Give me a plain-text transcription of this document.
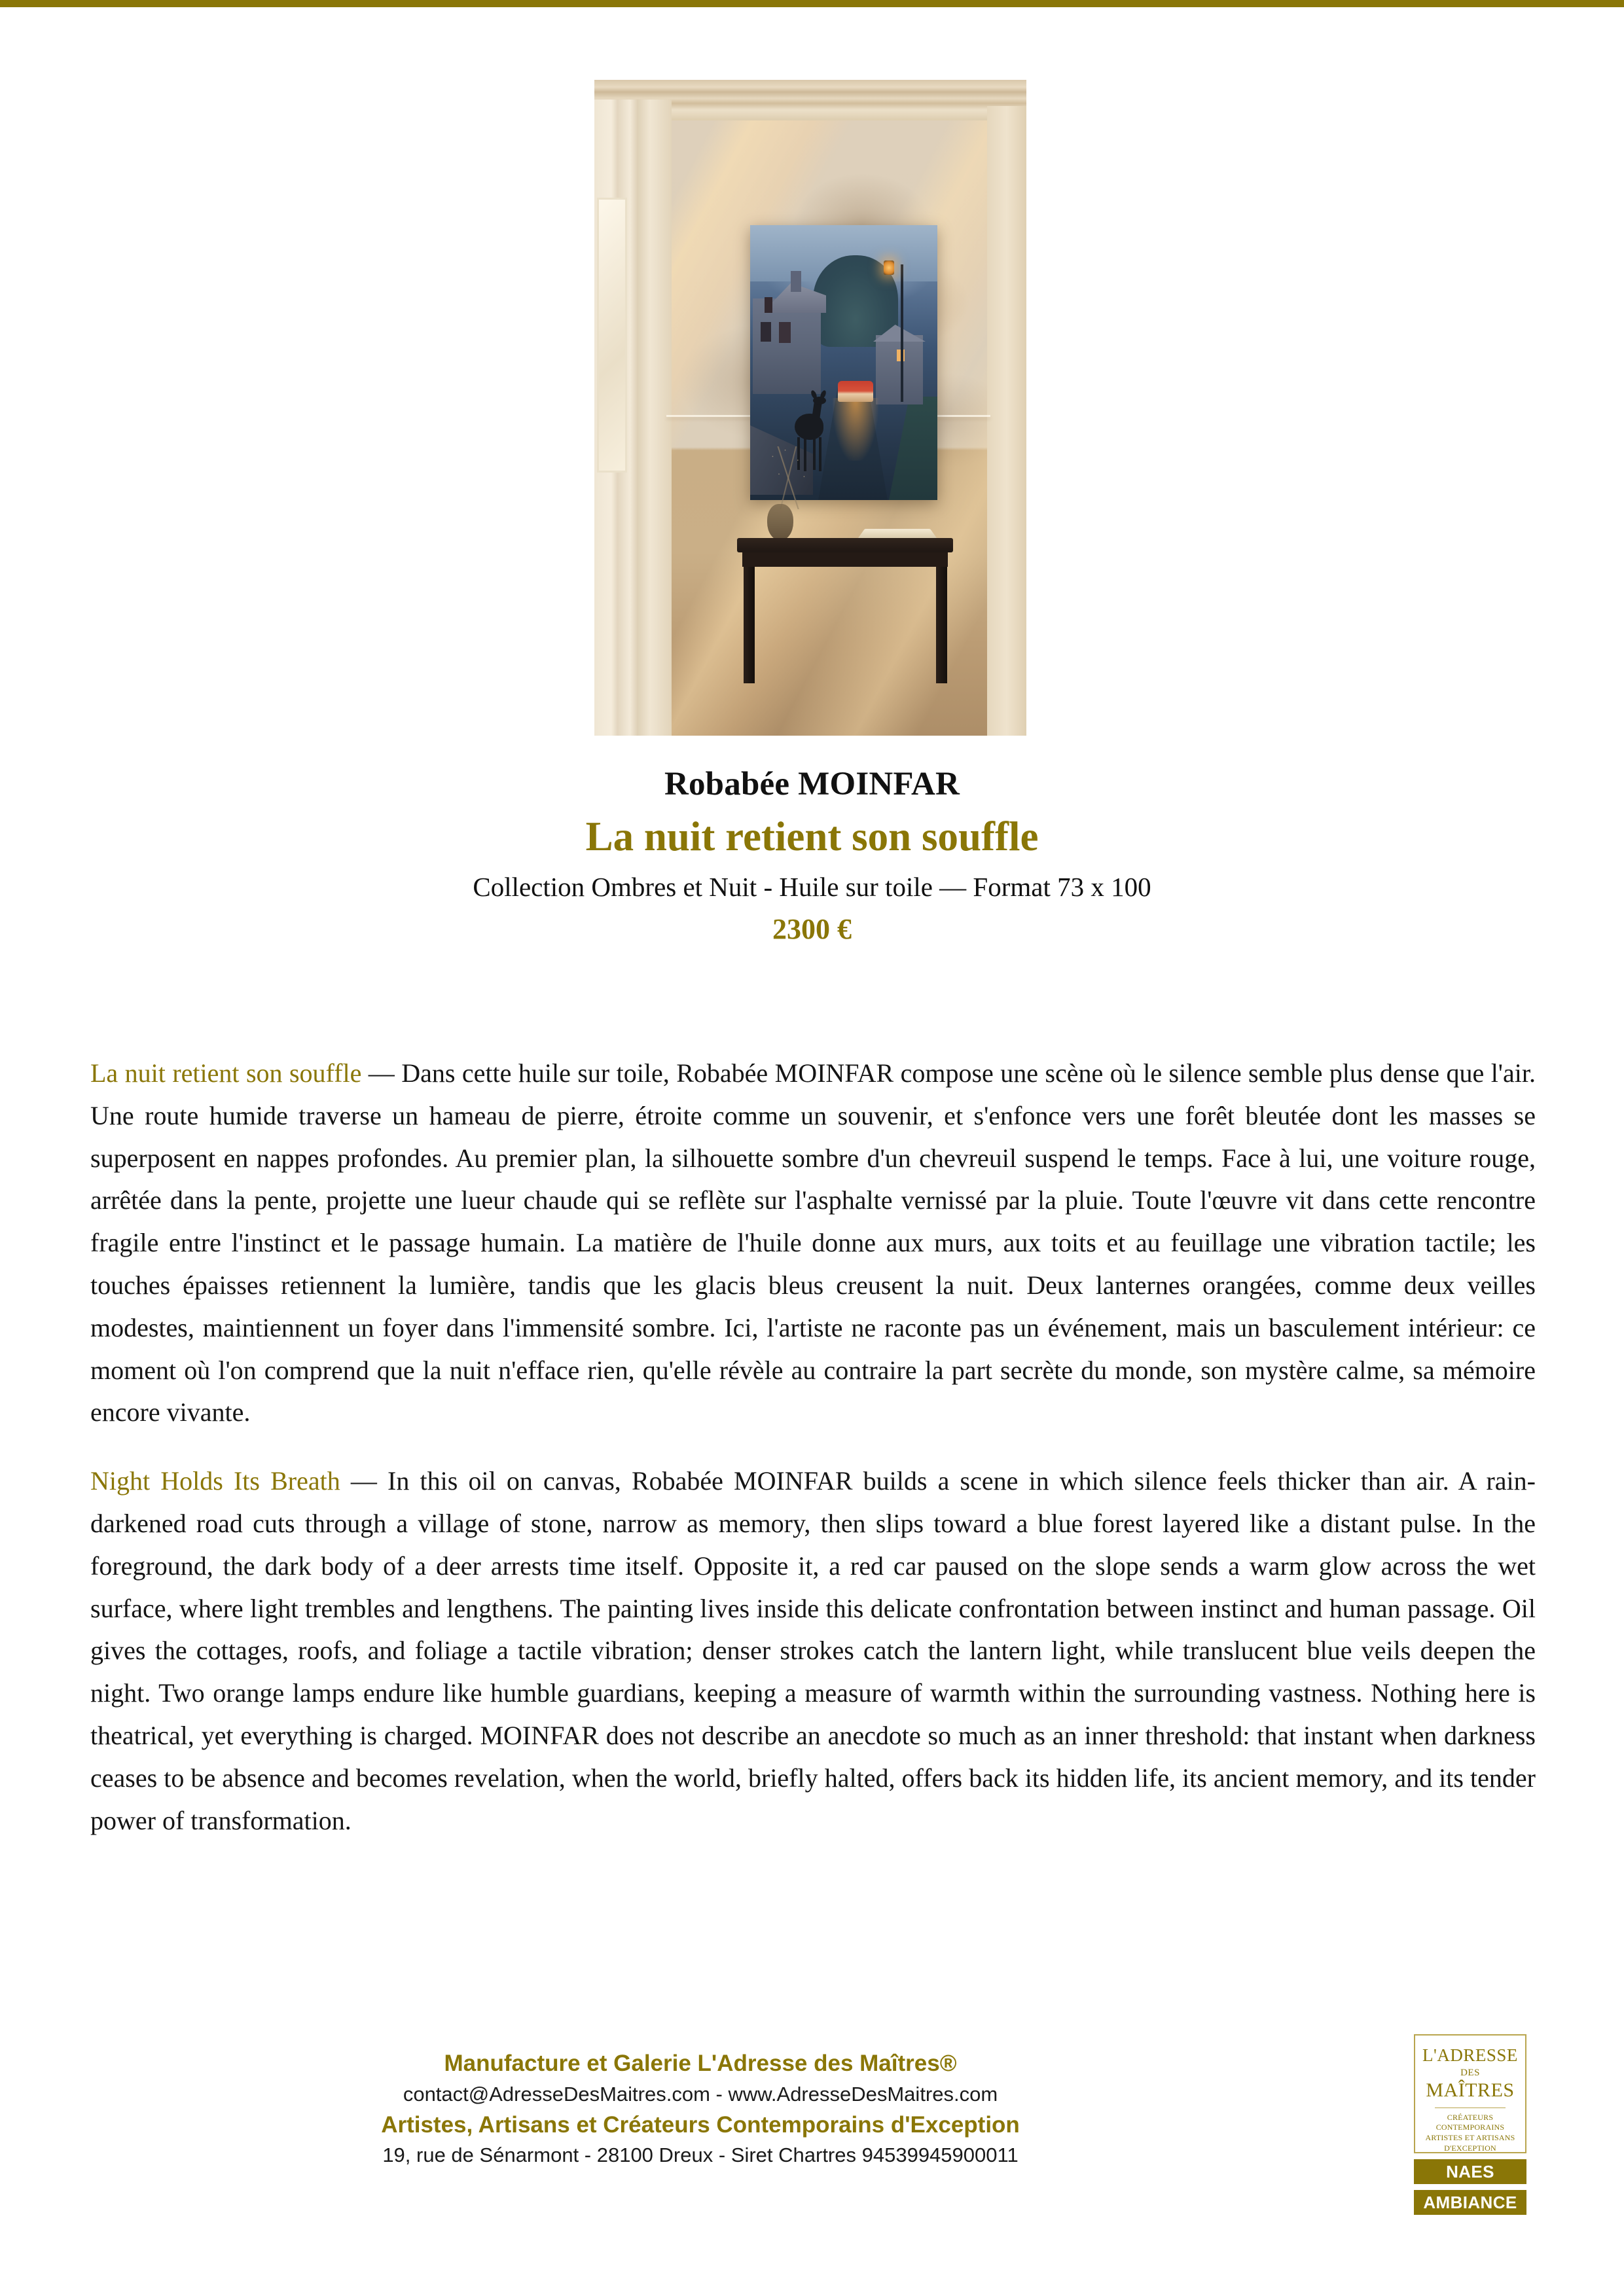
Robabée MOINFAR
La nuit retient son souffle
Collection Ombres et Nuit - Huile sur toile — Format 73 x 100
2300 €

La nuit retient son souffle — Dans cette huile sur toile, Robabée MOINFAR compose une scène où le silence semble plus dense que l'air. Une route humide traverse un hameau de pierre, étroite comme un souvenir, et s'enfonce vers une forêt bleutée dont les masses se superposent en nappes profondes. Au premier plan, la silhouette sombre d'un chevreuil suspend le temps. Face à lui, une voiture rouge, arrêtée dans la pente, projette une lueur chaude qui se reflète sur l'asphalte vernissé par la pluie. Toute l'œuvre vit dans cette rencontre fragile entre l'instinct et le passage humain. La matière de l'huile donne aux murs, aux toits et au feuillage une vibration tactile; les touches épaisses retiennent la lumière, tandis que les glacis bleus creusent la nuit. Deux lanternes orangées, comme deux veilles modestes, maintiennent un foyer dans l'immensité sombre. Ici, l'artiste ne raconte pas un événement, mais un basculement intérieur: ce moment où l'on comprend que la nuit n'efface rien, qu'elle révèle au contraire la part secrète du monde, son mystère calme, sa mémoire encore vivante.

Night Holds Its Breath — In this oil on canvas, Robabée MOINFAR builds a scene in which silence feels thicker than air. A rain-darkened road cuts through a village of stone, narrow as memory, then slips toward a blue forest layered like a distant pulse. In the foreground, the dark body of a deer arrests time itself. Opposite it, a red car paused on the slope sends a warm glow across the wet surface, where light trembles and lengthens. The painting lives inside this delicate confrontation between instinct and human passage. Oil gives the cottages, roofs, and foliage a tactile vibration; denser strokes catch the lantern light, while translucent blue veils deepen the night. Two orange lamps endure like humble guardians, keeping a measure of warmth within the surrounding vastness. Nothing here is theatrical, yet everything is charged. MOINFAR does not describe an anecdote so much as an inner threshold: that instant when darkness ceases to be absence and becomes revelation, when the world, briefly halted, offers back its hidden life, its ancient memory, and its tender power of transformation.

Manufacture et Galerie L'Adresse des Maîtres®
contact@AdresseDesMaitres.com - www.AdresseDesMaitres.com
Artistes, Artisans et Créateurs Contemporains d'Exception
19, rue de Sénarmont - 28100 Dreux - Siret Chartres 94539945900011
L'ADRESSE
DES
MAÎTRES
CRÉATEURS CONTEMPORAINS
ARTISTES ET ARTISANS
D'EXCEPTION
NAES
AMBIANCE
